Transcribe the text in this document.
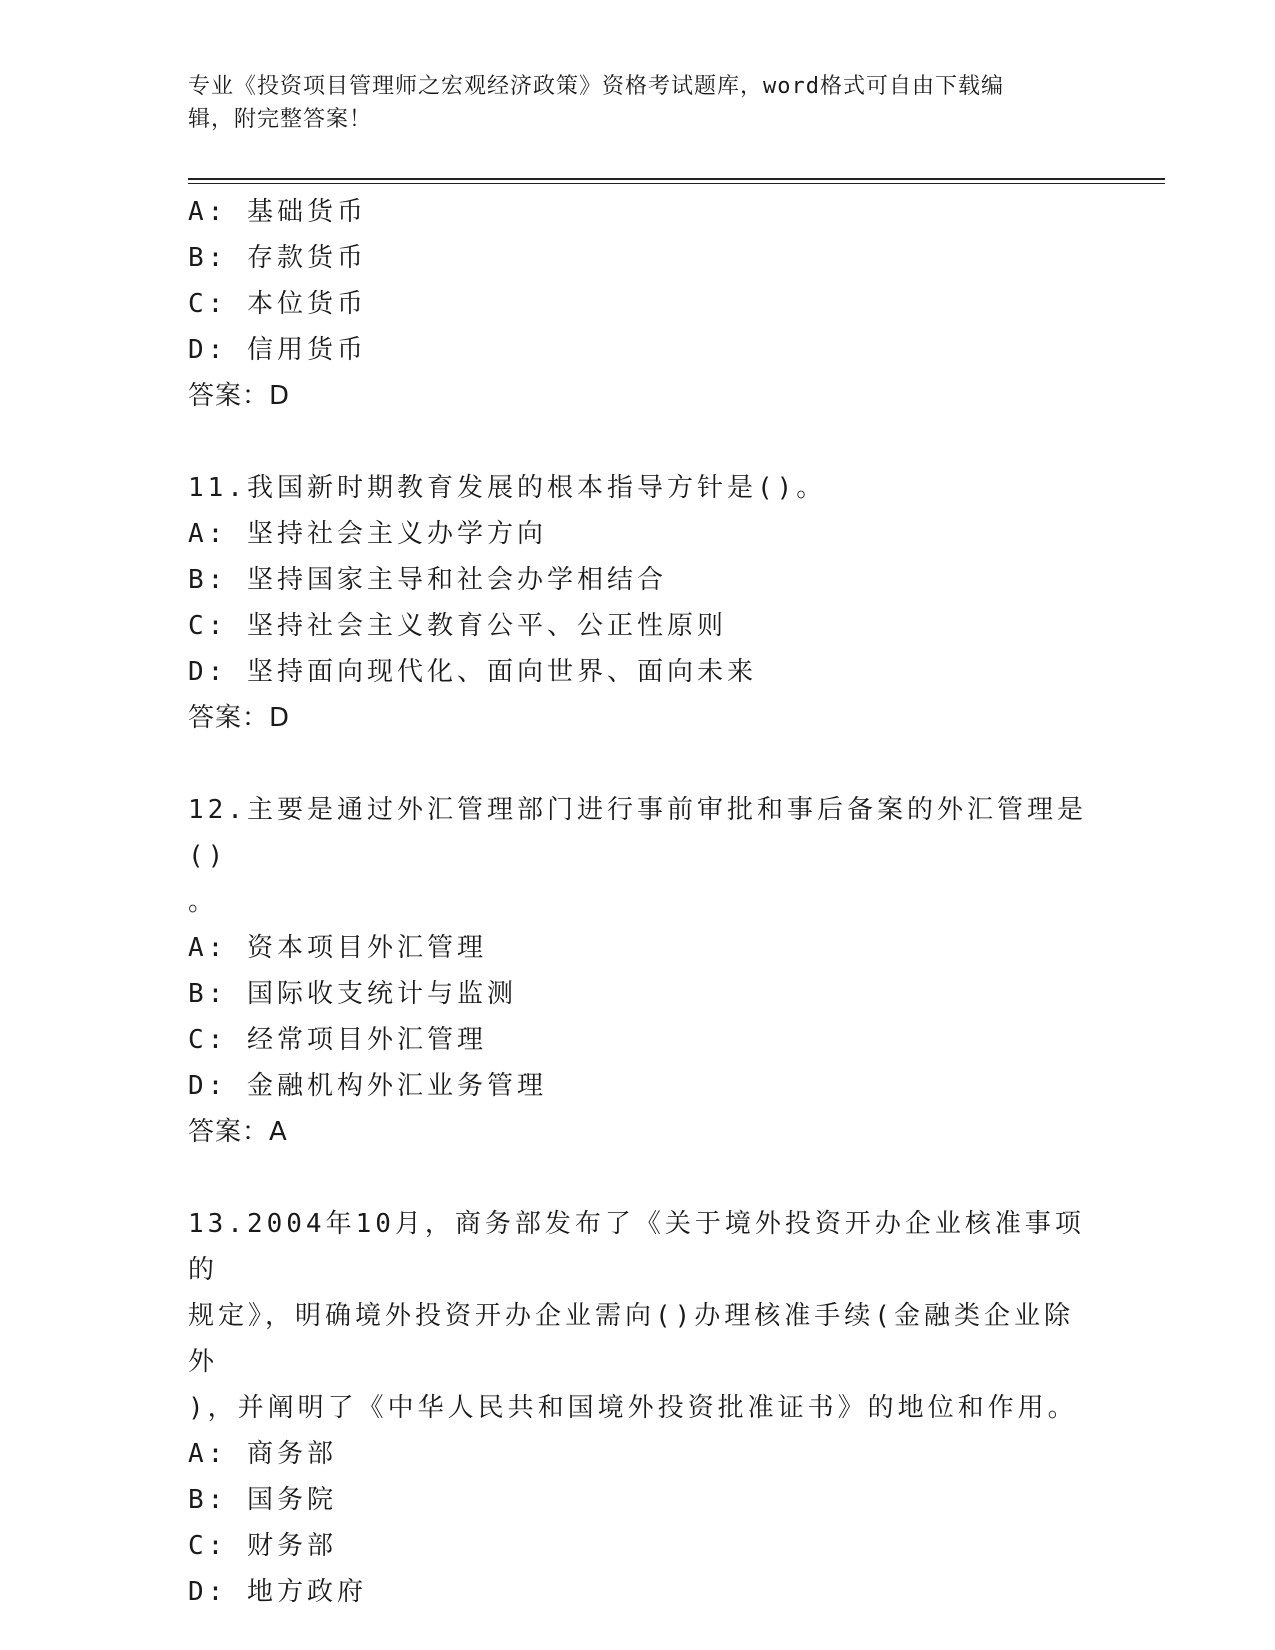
专业《投资项目管理师之宏观经济政策》资格考试题库，word格式可自由下载编
辑，附完整答案！
A: 基础货币
B: 存款货币
C: 本位货币
D: 信用货币
答案：D
11.我国新时期教育发展的根本指导方针是()。
A: 坚持社会主义办学方向
B: 坚持国家主导和社会办学相结合
C: 坚持社会主义教育公平、公正性原则
D: 坚持面向现代化、面向世界、面向未来
答案：D
12.主要是通过外汇管理部门进行事前审批和事后备案的外汇管理是()
。
A: 资本项目外汇管理
B: 国际收支统计与监测
C: 经常项目外汇管理
D: 金融机构外汇业务管理
答案：A
13.2004年10月，商务部发布了《关于境外投资开办企业核准事项的
规定》，明确境外投资开办企业需向()办理核准手续(金融类企业除外
)，并阐明了《中华人民共和国境外投资批准证书》的地位和作用。
A: 商务部
B: 国务院
C: 财务部
D: 地方政府
